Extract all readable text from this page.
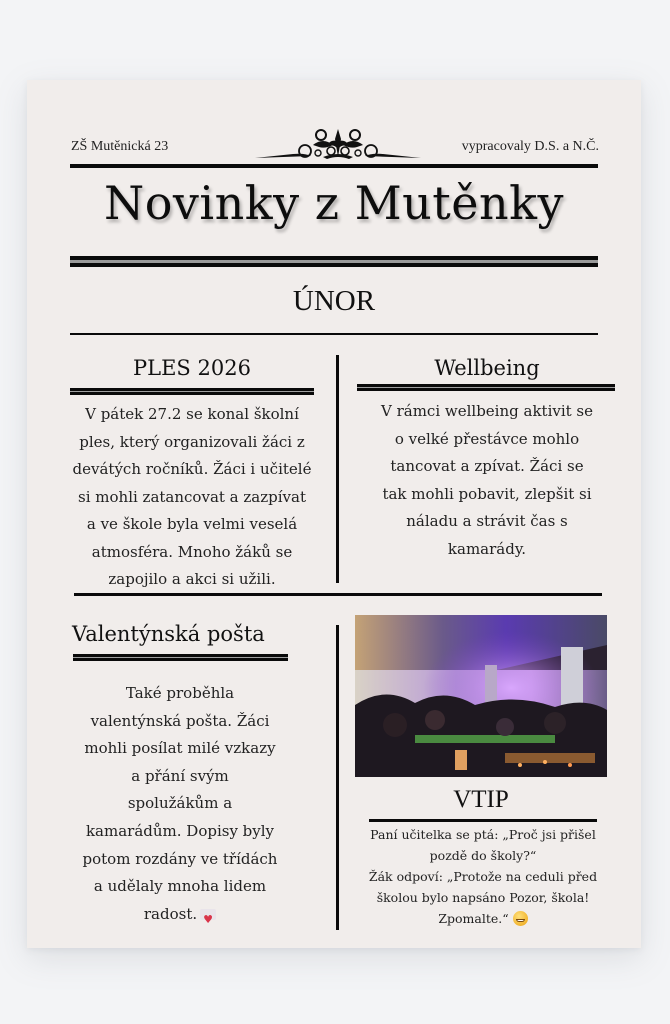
ZŠ Mutěnická 23	vypracovaly D.S. a N.Č.
Novinky z Mutěnky
ÚNOR
PLES 2026
V pátek 27.2 se konal školní
ples, který organizovali žáci z
devátých ročníků. Žáci i učitelé
si mohli zatancovat a zazpívat
a ve škole byla velmi veselá
atmosféra. Mnoho žáků se
zapojilo a akci si užili.
Wellbeing
V rámci wellbeing aktivit se
o velké přestávce mohlo
tancovat a zpívat. Žáci se
tak mohli pobavit, zlepšit si
náladu a strávit čas s
kamarády.
Valentýnská pošta
Také proběhla
valentýnská pošta. Žáci
mohli posílat milé vzkazy
a přání svým
spolužákům a
kamarádům. Dopisy byly
potom rozdány ve třídách
a udělaly mnoha lidem
radost.♥
VTIP
Paní učitelka se ptá: „Proč jsi přišel
pozdě do školy?“
Žák odpoví: „Protože na ceduli před
školou bylo napsáno Pozor, škola!
Zpomalte.“
